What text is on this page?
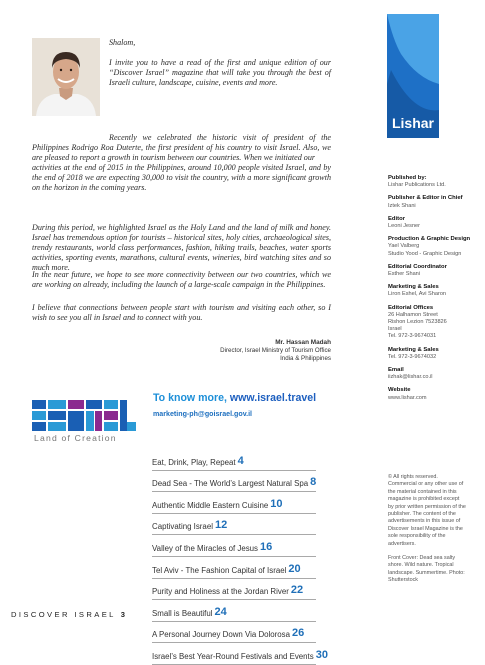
Shalom,
I invite you to have a read of the first and unique edition of our “Discover Israel” magazine that will take you through the best of Israeli culture, landscape, cuisine, events and more.
Recently we celebrated the historic visit of president of the Philippines Rodrigo Roa Duterte, the first president of his country to visit Israel. Also, we are pleased to report a growth in tourism between our countries. When we initiated our
activities at the end of 2015 in the Philippines, around 10,000 people visited Israel, and by the end of 2018 we are expecting 30,000 to visit the country, with a more significant growth on the horizon in the coming years.
During this period, we highlighted Israel as the Holy Land and the land of milk and honey. Israel has tremendous option for tourists – historical sites, holy cities, archaeological sites, trendy restaurants, world class performances, fashion, hiking trails, beaches, water sports activities, sporting events, marathons, cultural events, wineries, bird watching sites and so much more.
In the near future, we hope to see more connectivity between our two countries, which we are working on already, including the launch of a large-scale campaign in the Philippines.
I believe that connections between people start with tourism and visiting each other, so I wish to see you all in Israel and to connect with you.
Mr. Hassan Madah
Director, Israel Ministry of Tourism Office
India & Philippines
Land of Creation
To know more, www.israel.travel
marketing-ph@goisrael.gov.il
Eat, Drink, Play, Repeat 4
Dead Sea - The World’s Largest Natural Spa 8
Authentic Middle Eastern Cuisine 10
Captivating Israel 12
Valley of the Miracles of Jesus 16
Tel Aviv - The Fashion Capital of Israel 20
Purity and Holiness at the Jordan River 22
Small is Beautiful 24
A Personal Journey Down Via Dolorosa 26
Israel’s Best Year-Round Festivals and Events 30
DISCOVER ISRAEL 3
Lishar
Published by:
Lishar Publications Ltd.
Publisher & Editor in Chief
Iztek Shani
Editor
Leoni Jesner
Production & Graphic Design
Yael Valberg
Studio Yood - Graphic Design
Editorial Coordinator
Esther Shani
Marketing & Sales
Liron Eshel, Avi Sharon
Editorial Offices
26 Halhamon Street
Rishon Lezion 7523826
Israel
Tel. 972-3-9674031
Marketing & Sales
Tel. 972-3-9674032
Email
iizhak@lishar.co.il
Website
www.lishar.com

© All rights reserved. Commercial or any other use of the material contained in this magazine is prohibited except by prior written permission of the publisher. The content of the advertisements in this issue of Discover Israel Magazine is the sole responsibility of the advertisers.

Front Cover: Dead sea salty shore. Wild nature. Tropical landscape. Summertime. Photo: Shutterstock
